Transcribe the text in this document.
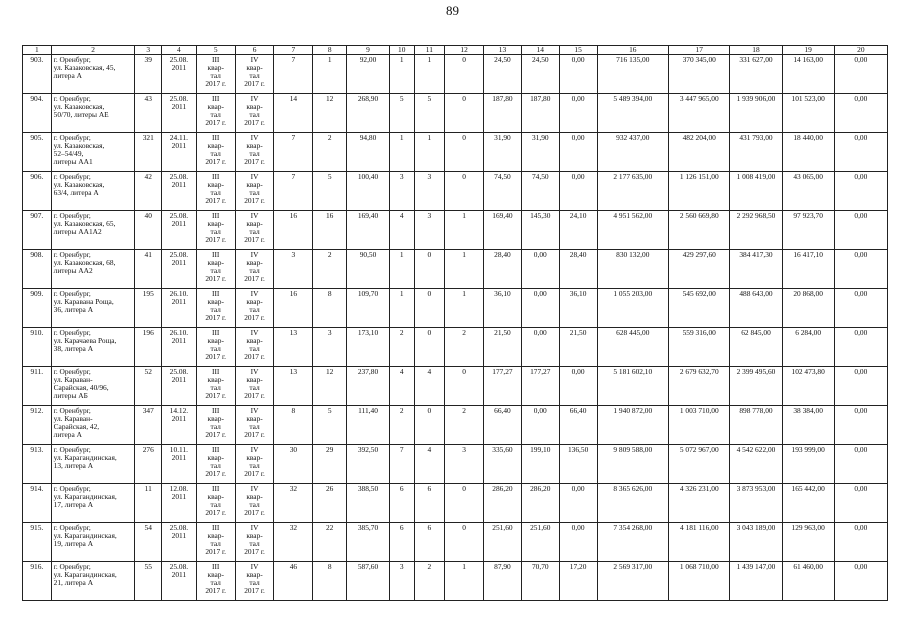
89
1	2	3	4	5	6	7	8	9	10	11	12	13	14	15	16	17	18	19	20
903.	г. Оренбург,
ул. Казаковская, 45,
литера А	39	25.08.
2011	III
квар-
тал
2017 г.	IV
квар-
тал
2017 г.	7	1	92,00	1	1	0	24,50	24,50	0,00	716 135,00	370 345,00	331 627,00	14 163,00	0,00
904.	г. Оренбург,
ул. Казаковская,
50/70, литеры АЕ	43	25.08.
2011	III
квар-
тал
2017 г.	IV
квар-
тал
2017 г.	14	12	268,90	5	5	0	187,80	187,80	0,00	5 489 394,00	3 447 965,00	1 939 906,00	101 523,00	0,00
905.	г. Оренбург,
ул. Казаковская,
52–54/49,
литеры АА1	321	24.11.
2011	III
квар-
тал
2017 г.	IV
квар-
тал
2017 г.	7	2	94,80	1	1	0	31,90	31,90	0,00	932 437,00	482 204,00	431 793,00	18 440,00	0,00
906.	г. Оренбург,
ул. Казаковская,
63/4, литера А	42	25.08.
2011	III
квар-
тал
2017 г.	IV
квар-
тал
2017 г.	7	5	100,40	3	3	0	74,50	74,50	0,00	2 177 635,00	1 126 151,00	1 008 419,00	43 065,00	0,00
907.	г. Оренбург,
ул. Казаковская, 65,
литеры АА1А2	40	25.08.
2011	III
квар-
тал
2017 г.	IV
квар-
тал
2017 г.	16	16	169,40	4	3	1	169,40	145,30	24,10	4 951 562,00	2 560 669,80	2 292 968,50	97 923,70	0,00
908.	г. Оренбург,
ул. Казаковская, 68,
литеры АА2	41	25.08.
2011	III
квар-
тал
2017 г.	IV
квар-
тал
2017 г.	3	2	90,50	1	0	1	28,40	0,00	28,40	830 132,00	429 297,60	384 417,30	16 417,10	0,00
909.	г. Оренбург,
ул. Каравана Роща,
36, литера А	195	26.10.
2011	III
квар-
тал
2017 г.	IV
квар-
тал
2017 г.	16	8	109,70	1	0	1	36,10	0,00	36,10	1 055 203,00	545 692,00	488 643,00	20 868,00	0,00
910.	г. Оренбург,
ул. Карачаева Роща,
38, литера А	196	26.10.
2011	III
квар-
тал
2017 г.	IV
квар-
тал
2017 г.	13	3	173,10	2	0	2	21,50	0,00	21,50	628 445,00	559 316,00	62 845,00	6 284,00	0,00
911.	г. Оренбург,
ул. Караван-
Сарайская, 40/96,
литеры АБ	52	25.08.
2011	III
квар-
тал
2017 г.	IV
квар-
тал
2017 г.	13	12	237,80	4	4	0	177,27	177,27	0,00	5 181 602,10	2 679 632,70	2 399 495,60	102 473,80	0,00
912.	г. Оренбург,
ул. Караван-
Сарайская, 42,
литера А	347	14.12.
2011	III
квар-
тал
2017 г.	IV
квар-
тал
2017 г.	8	5	111,40	2	0	2	66,40	0,00	66,40	1 940 872,00	1 003 710,00	898 778,00	38 384,00	0,00
913.	г. Оренбург,
ул. Карагандинская,
13, литера А	276	10.11.
2011	III
квар-
тал
2017 г.	IV
квар-
тал
2017 г.	30	29	392,50	7	4	3	335,60	199,10	136,50	9 809 588,00	5 072 967,00	4 542 622,00	193 999,00	0,00
914.	г. Оренбург,
ул. Карагандинская,
17, литера А	11	12.08.
2011	III
квар-
тал
2017 г.	IV
квар-
тал
2017 г.	32	26	388,50	6	6	0	286,20	286,20	0,00	8 365 626,00	4 326 231,00	3 873 953,00	165 442,00	0,00
915.	г. Оренбург,
ул. Карагандинская,
19, литера А	54	25.08.
2011	III
квар-
тал
2017 г.	IV
квар-
тал
2017 г.	32	22	385,70	6	6	0	251,60	251,60	0,00	7 354 268,00	4 181 116,00	3 043 189,00	129 963,00	0,00
916.	г. Оренбург,
ул. Карагандинская,
21, литера А	55	25.08.
2011	III
квар-
тал
2017 г.	IV
квар-
тал
2017 г.	46	8	587,60	3	2	1	87,90	70,70	17,20	2 569 317,00	1 068 710,00	1 439 147,00	61 460,00	0,00
